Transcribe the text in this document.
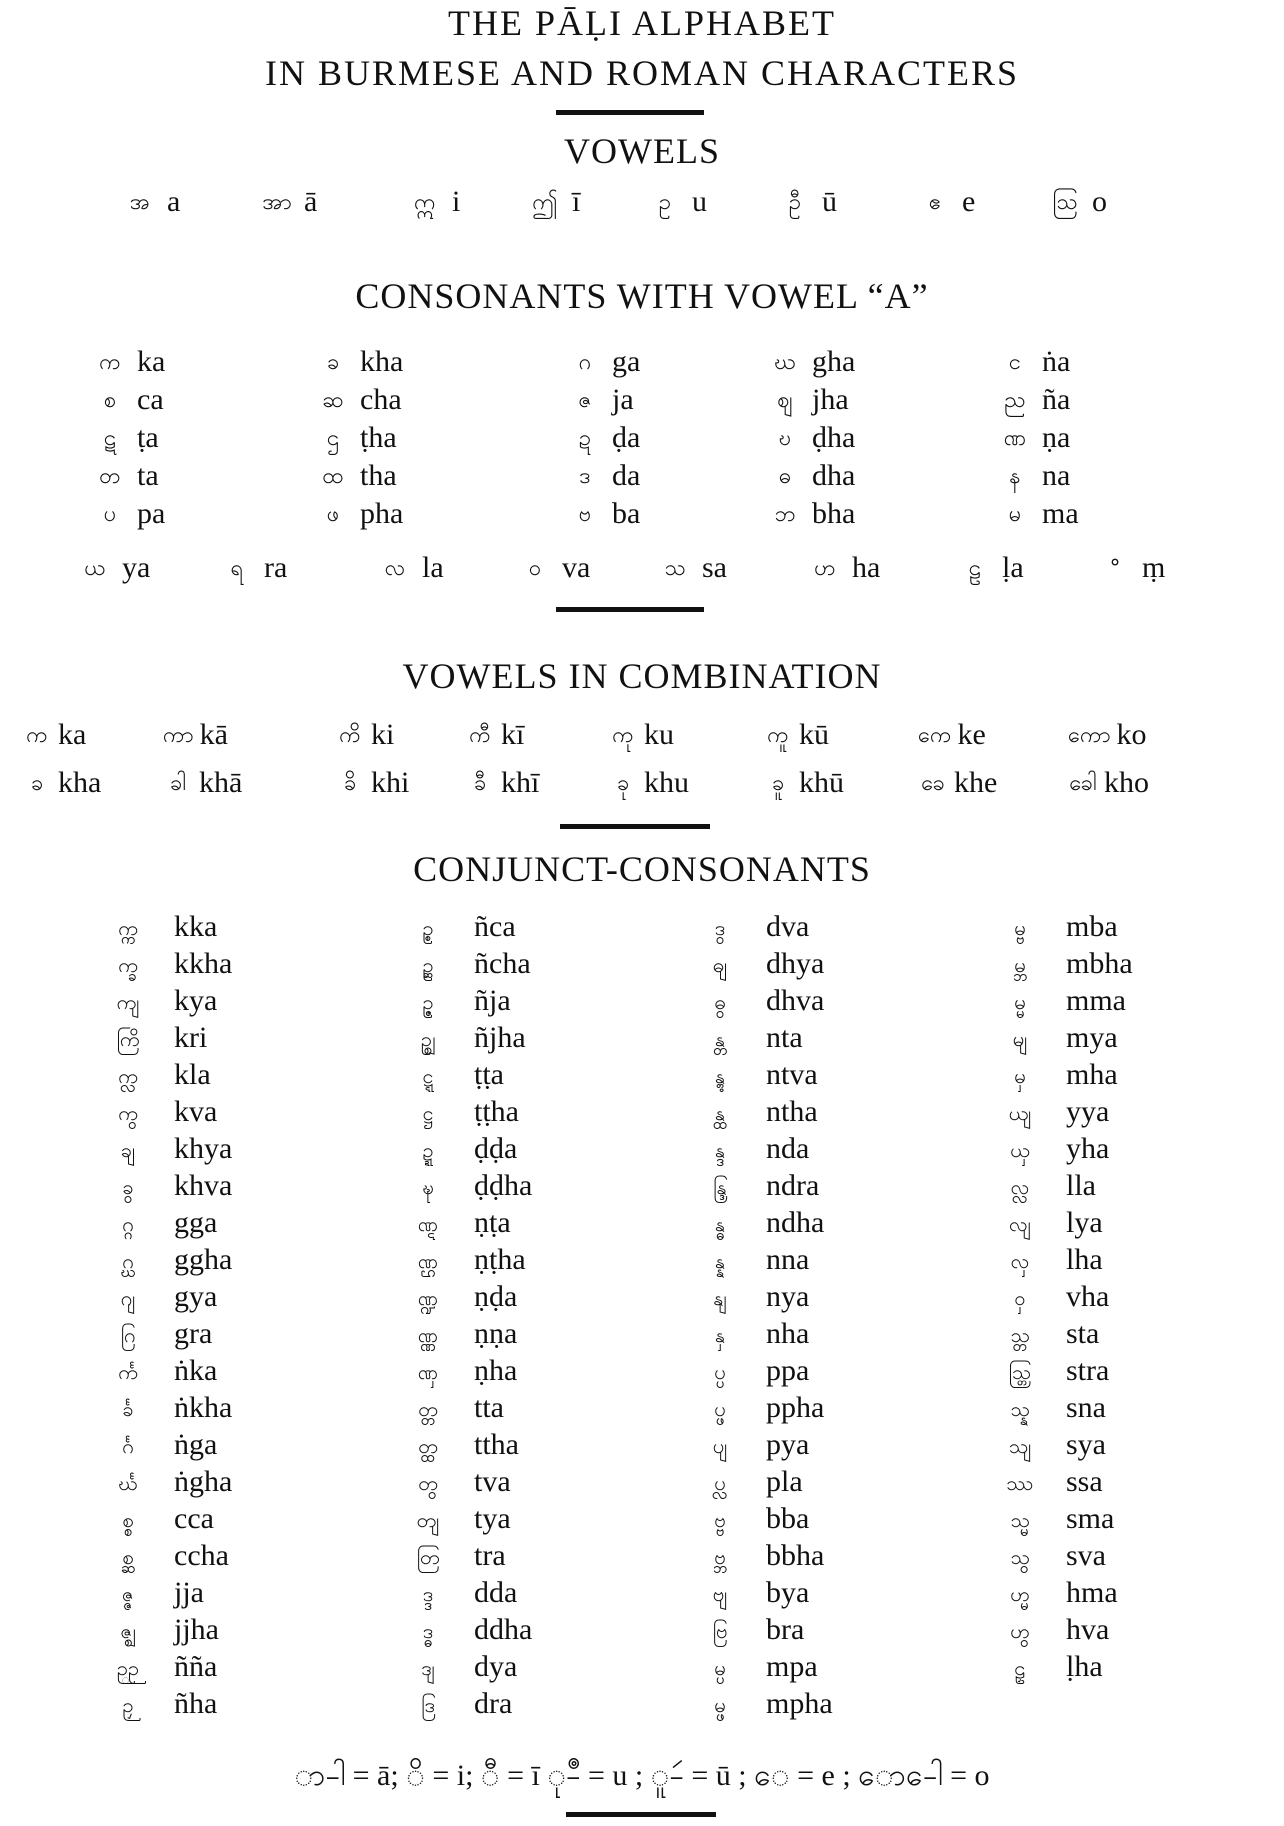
THE PĀḶI ALPHABET
IN BURMESE AND ROMAN CHARACTERS
VOWELS
အ a	အာ ā	ဣ i	ဤ ī	ဥ u	ဦ ū	ဧ e	ဩ o
CONSONANTS WITH VOWEL “A”
က ka	ခ kha	ဂ ga	ဃ gha	င ṅa
စ ca	ဆ cha	ဇ ja	ဈ jha	ည ña
ဋ ṭa	ဌ ṭha	ဍ ḍa	ဎ ḍha	ဏ ṇa
တ ta	ထ tha	ဒ da	ဓ dha	န na
ပ pa	ဖ pha	ဗ ba	ဘ bha	မ ma
ယ ya	ရ ra	လ la	ဝ va	သ sa	ဟ ha	ဠ ḷa	° ṃ
VOWELS IN COMBINATION
က ka	ကာ kā	ကိ ki	ကီ kī	ကု ku	ကူ kū	ကေ ke	ကော ko
ခ kha	ခါ khā	ခိ khi	ခီ khī	ခု khu	ခူ khū	ခေ khe	ခေါ kho
CONJUNCT-CONSONANTS
က္က kka
က္ခ kkha
ကျ kya
ကြိ kri
က္လ kla
ကွ kva
ချ khya
ခွ khva
ဂ္ဂ gga
ဂ္ဃ ggha
ဂျ gya
ဂြ gra
င်္က ṅka
င်္ခ ṅkha
င်္ဂ ṅga
င်္ဃ ṅgha
စ္စ cca
စ္ဆ ccha
ဇ္ဇ jja
ဇ္ဈ jjha
ဉ္ဉ ñña
ဉှ ñha
ဉ္စ ñca
ဉ္ဆ ñcha
ဉ္ဇ ñja
ဉ္ဈ ñjha
ဋ္ဋ ṭṭa
ဋ္ဌ ṭṭha
ဍ္ဍ ḍḍa
ဍ္ဎ ḍḍha
ဏ္ဋ ṇṭa
ဏ္ဌ ṇṭha
ဏ္ဍ ṇḍa
ဏ္ဏ ṇṇa
ဏှ ṇha
တ္တ tta
တ္ထ ttha
တွ tva
တျ tya
တြ tra
ဒ္ဒ dda
ဒ္ဓ ddha
ဒျ dya
ဒြ dra
ဒွ dva
ဓျ dhya
ဓွ dhva
န္တ nta
န္တွ ntva
န္ထ ntha
န္ဒ nda
န္ဒြ ndra
န္ဓ ndha
န္န nna
နျ nya
နှ nha
ပ္ပ ppa
ပ္ဖ ppha
ပျ pya
ပ္လ pla
ဗ္ဗ bba
ဗ္ဘ bbha
ဗျ bya
ဗြ bra
မ္ပ mpa
မ္ဖ mpha
မ္ဗ mba
မ္ဘ mbha
မ္မ mma
မျ mya
မှ mha
ယျ yya
ယှ yha
လ္လ lla
လျ lya
လှ lha
ဝှ vha
သ္တ sta
သ္တြ stra
သ္န sna
သျ sya
ဿ ssa
သ္မ sma
သွ sva
ဟ္မ hma
ဟွ hva
ဠှ ḷha
ာ-ါ = ā; ိ = i; ီ = ī ု-ဳ = u ; ူ-ဴ = ū ; ေ = e ; ော-ေါ = o
